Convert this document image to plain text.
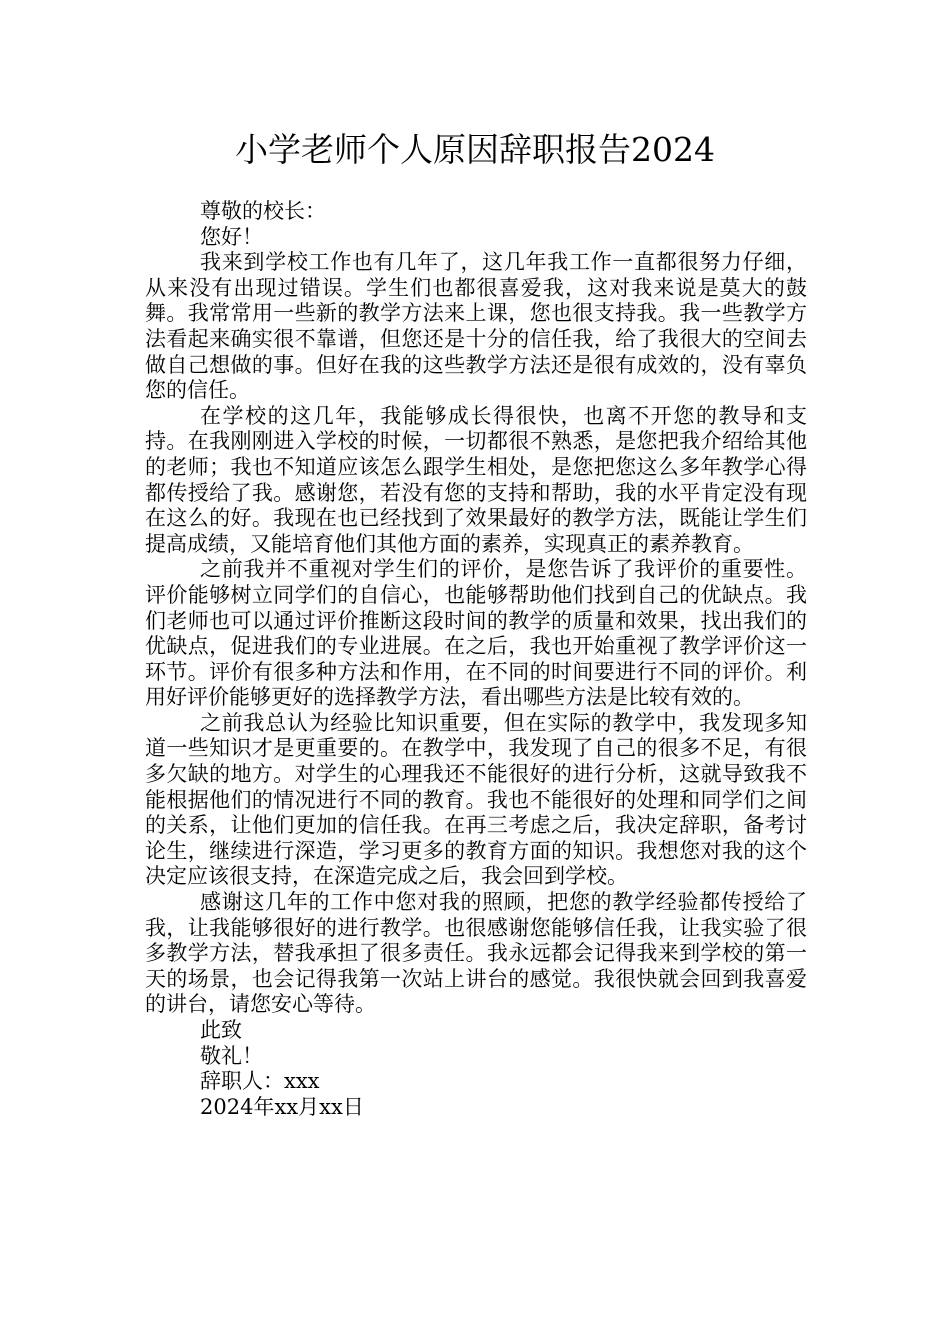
小学老师个人原因辞职报告2024

尊敬的校长：

您好！

我来到学校工作也有几年了，这几年我工作一直都很努力仔细，从来没有出现过错误。学生们也都很喜爱我，这对我来说是莫大的鼓舞。我常常用一些新的教学方法来上课，您也很支持我。我一些教学方法看起来确实很不靠谱，但您还是十分的信任我，给了我很大的空间去做自己想做的事。但好在我的这些教学方法还是很有成效的，没有辜负您的信任。

在学校的这几年，我能够成长得很快，也离不开您的教导和支持。在我刚刚进入学校的时候，一切都很不熟悉，是您把我介绍给其他的老师；我也不知道应该怎么跟学生相处，是您把您这么多年教学心得都传授给了我。感谢您，若没有您的支持和帮助，我的水平肯定没有现在这么的好。我现在也已经找到了效果最好的教学方法，既能让学生们提高成绩，又能培育他们其他方面的素养，实现真正的素养教育。

之前我并不重视对学生们的评价，是您告诉了我评价的重要性。评价能够树立同学们的自信心，也能够帮助他们找到自己的优缺点。我们老师也可以通过评价推断这段时间的教学的质量和效果，找出我们的优缺点，促进我们的专业进展。在之后，我也开始重视了教学评价这一环节。评价有很多种方法和作用，在不同的时间要进行不同的评价。利用好评价能够更好的选择教学方法，看出哪些方法是比较有效的。

之前我总认为经验比知识重要，但在实际的教学中，我发现多知道一些知识才是更重要的。在教学中，我发现了自己的很多不足，有很多欠缺的地方。对学生的心理我还不能很好的进行分析，这就导致我不能根据他们的情况进行不同的教育。我也不能很好的处理和同学们之间的关系，让他们更加的信任我。在再三考虑之后，我决定辞职，备考讨论生，继续进行深造，学习更多的教育方面的知识。我想您对我的这个决定应该很支持，在深造完成之后，我会回到学校。

感谢这几年的工作中您对我的照顾，把您的教学经验都传授给了我，让我能够很好的进行教学。也很感谢您能够信任我，让我实验了很多教学方法，替我承担了很多责任。我永远都会记得我来到学校的第一天的场景，也会记得我第一次站上讲台的感觉。我很快就会回到我喜爱的讲台，请您安心等待。

此致

敬礼！

辞职人：xxx

2024年xx月xx日
